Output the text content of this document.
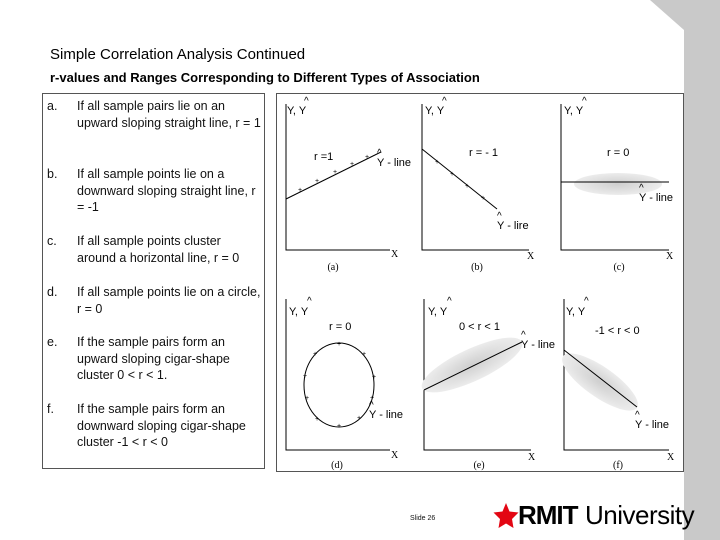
Simple Correlation Analysis Continued
r-values and Ranges Corresponding to Different Types of Association
a. If all sample pairs lie on an upward sloping straight line, r = 1
b. If all sample points lie on a downward sloping straight line, r = -1
c. If all sample points cluster around a horizontal line, r = 0
d. If all sample points lie on a circle, r = 0
e. If the sample pairs form an upward sloping cigar-shape cluster 0 < r < 1.
f. If the sample pairs form an downward sloping cigar-shape cluster -1 < r < 0
Y, Y
^
+
+
+
+
+
r =1	Y - line
^
X
(a)
Y, Y
^
+
+
+
+
r = - 1
Y - lire
^
X
(b)
Y, Y
^
r = 0
Y - line
^
X
(c)
Y, Y
^
+
+
+
+
+
+
+
+
+
+
r = 0
Y - line
^
X
(d)
Y, Y
^
0 < r < 1
Y - line
^
X
(e)
Y, Y
^
-1 < r < 0
Y - line
^
X
(f)
Slide 26	RMIT University
